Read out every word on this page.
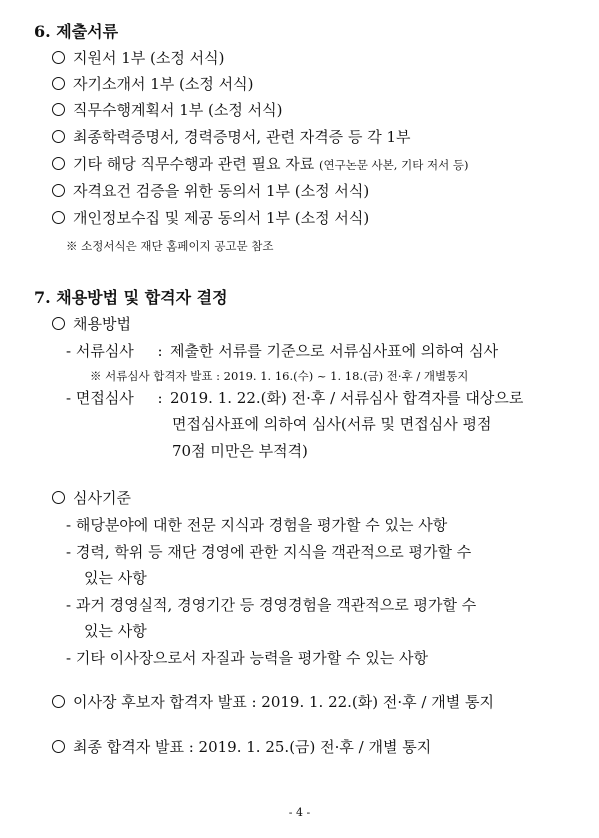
6. 제출서류
지원서 1부 (소정 서식)
자기소개서 1부 (소정 서식)
직무수행계획서 1부 (소정 서식)
최종학력증명서, 경력증명서, 관련 자격증 등 각 1부
기타 해당 직무수행과 관련 필요 자료 (연구논문 사본, 기타 저서 등)
자격요건 검증을 위한 동의서 1부 (소정 서식)
개인정보수집 및 제공 동의서 1부 (소정 서식)
※ 소정서식은 재단 홈페이지 공고문 참조
7. 채용방법 및 합격자 결정
채용방법
- 서류심사 : 제출한 서류를 기준으로 서류심사표에 의하여 심사
※ 서류심사 합격자 발표 : 2019. 1. 16.(수) ~ 1. 18.(금) 전·후 / 개별통지
- 면접심사 : 2019. 1. 22.(화) 전·후 / 서류심사 합격자를 대상으로
면접심사표에 의하여 심사(서류 및 면접심사 평점
70점 미만은 부적격)
심사기준
- 해당분야에 대한 전문 지식과 경험을 평가할 수 있는 사항
- 경력, 학위 등 재단 경영에 관한 지식을 객관적으로 평가할 수
있는 사항
- 과거 경영실적, 경영기간 등 경영경험을 객관적으로 평가할 수
있는 사항
- 기타 이사장으로서 자질과 능력을 평가할 수 있는 사항
이사장 후보자 합격자 발표 : 2019. 1. 22.(화) 전·후 / 개별 통지
최종 합격자 발표 : 2019. 1. 25.(금) 전·후 / 개별 통지
- 4 -
